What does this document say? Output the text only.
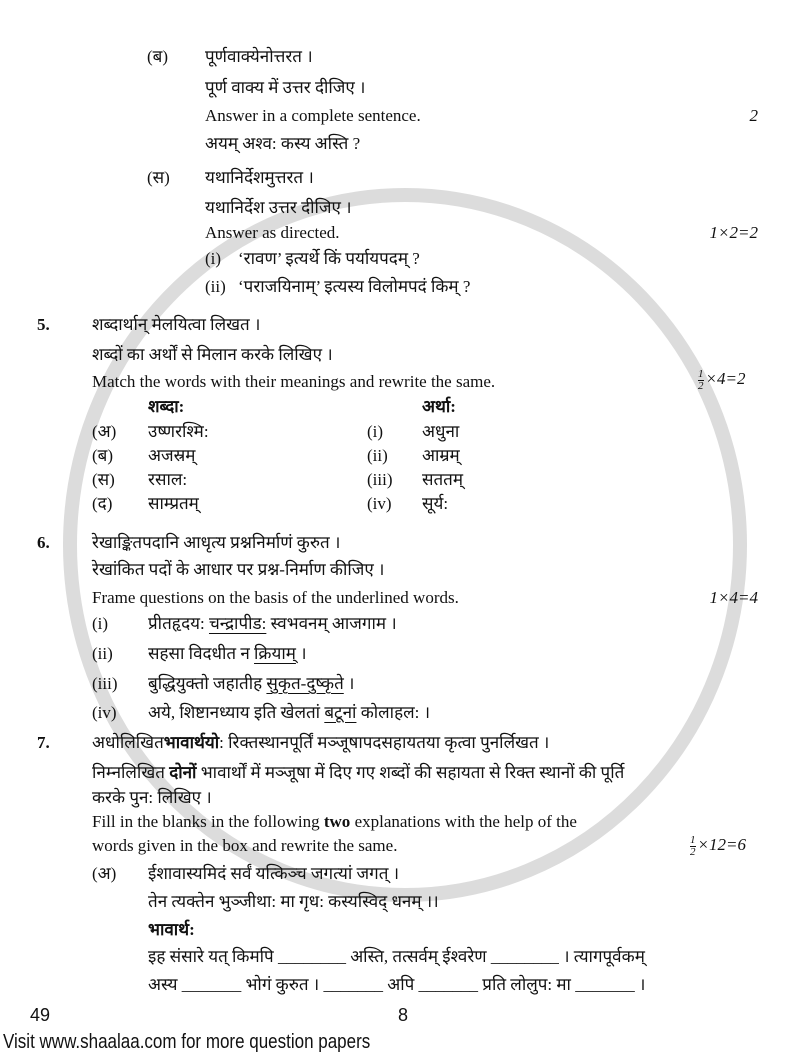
(ब) पूर्णवाक्येनोत्तरत ।
पूर्ण वाक्य में उत्तर दीजिए ।
Answer in a complete sentence.	2
अयम् अश्व: कस्य अस्ति ?
(स) यथानिर्देशमुत्तरत ।
यथानिर्देश उत्तर दीजिए ।
Answer as directed.	1×2=2
(i) ‘रावण’ इत्यर्थे किं पर्यायपदम् ?
(ii) ‘पराजयिनाम्’ इत्यस्य विलोमपदं किम् ?
5. शब्दार्थान् मेलयित्वा लिखत ।
शब्दों का अर्थों से मिलान करके लिखिए ।
Match the words with their meanings and rewrite the same.	$\frac{1}{2} \times 4=2$
शब्दा:	अर्था:
(अ) उष्णरश्मि:	(i) अधुना
(ब) अजस्रम्	(ii) आम्रम्
(स) रसाल:	(iii) सततम्
(द) साम्प्रतम्	(iv) सूर्य:
6. रेखाङ्कितपदानि आधृत्य प्रश्ननिर्माणं कुरुत ।
रेखांकित पदों के आधार पर प्रश्न-निर्माण कीजिए ।
Frame questions on the basis of the underlined words.	1×4=4
(i) प्रीतहृदय: चन्द्रापीड: स्वभवनम् आजगाम ।
(ii) सहसा विदधीत न क्रियाम् ।
(iii) बुद्धियुक्तो जहातीह सुकृत-दुष्कृते ।
(iv) अये, शिष्टानध्याय इति खेलतां बटूनां कोलाहल: ।
7. अधोलिखितभावार्थयो: रिक्तस्थानपूर्तिं मञ्जूषापदसहायतया कृत्वा पुनर्लिखत ।
निम्नलिखित दोनों भावार्थों में मञ्जूषा में दिए गए शब्दों की सहायता से रिक्त स्थानों की पूर्ति
करके पुन: लिखिए ।
Fill in the blanks in the following two explanations with the help of the
words given in the box and rewrite the same.	$\frac{1}{2} \times 12=6$
(अ) ईशावास्यमिदं सर्वं यत्किञ्च जगत्यां जगत् ।
तेन त्यक्तेन भुञ्जीथा: मा गृध: कस्यस्विद् धनम् ।।
भावार्थ:
इह संसारे यत् किमपि ________ अस्ति, तत्सर्वम् ईश्वरेण ________ । त्यागपूर्वकम्
अस्य _______ भोगं कुरुत । _______ अपि _______ प्रति लोलुप: मा _______ ।
49	8
Visit www.shaalaa.com for more question papers
